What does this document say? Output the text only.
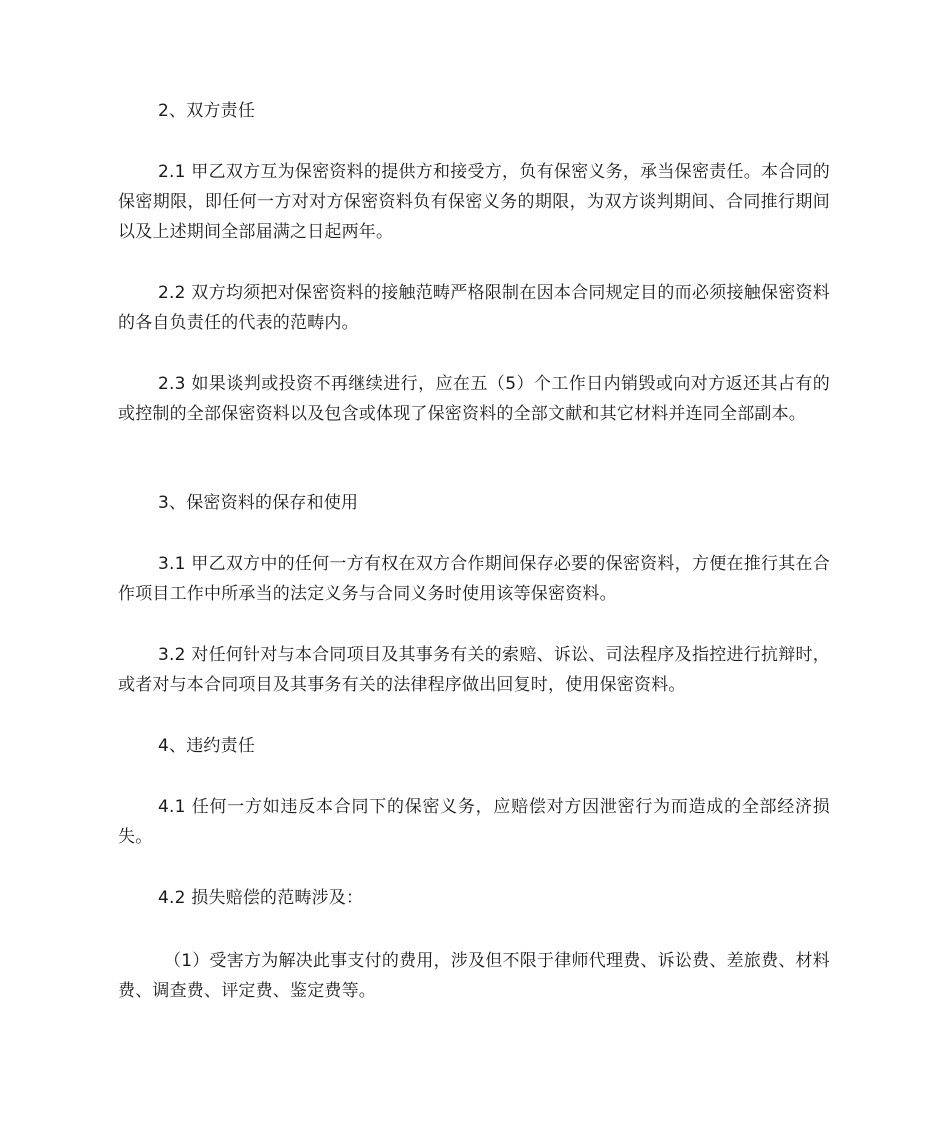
2、双方责任

2.1 甲乙双方互为保密资料的提供方和接受方，负有保密义务，承当保密责任。本合同的保密期限，即任何一方对对方保密资料负有保密义务的期限，为双方谈判期间、合同推行期间以及上述期间全部届满之日起两年。

2.2 双方均须把对保密资料的接触范畴严格限制在因本合同规定目的而必须接触保密资料的各自负责任的代表的范畴内。

2.3 如果谈判或投资不再继续进行，应在五（5）个工作日内销毁或向对方返还其占有的或控制的全部保密资料以及包含或体现了保密资料的全部文献和其它材料并连同全部副本。

3、保密资料的保存和使用

3.1 甲乙双方中的任何一方有权在双方合作期间保存必要的保密资料，方便在推行其在合作项目工作中所承当的法定义务与合同义务时使用该等保密资料。

3.2 对任何针对与本合同项目及其事务有关的索赔、诉讼、司法程序及指控进行抗辩时，或者对与本合同项目及其事务有关的法律程序做出回复时，使用保密资料。

4、违约责任

4.1 任何一方如违反本合同下的保密义务，应赔偿对方因泄密行为而造成的全部经济损失。

4.2 损失赔偿的范畴涉及：

（1）受害方为解决此事支付的费用，涉及但不限于律师代理费、诉讼费、差旅费、材料费、调查费、评定费、鉴定费等。
